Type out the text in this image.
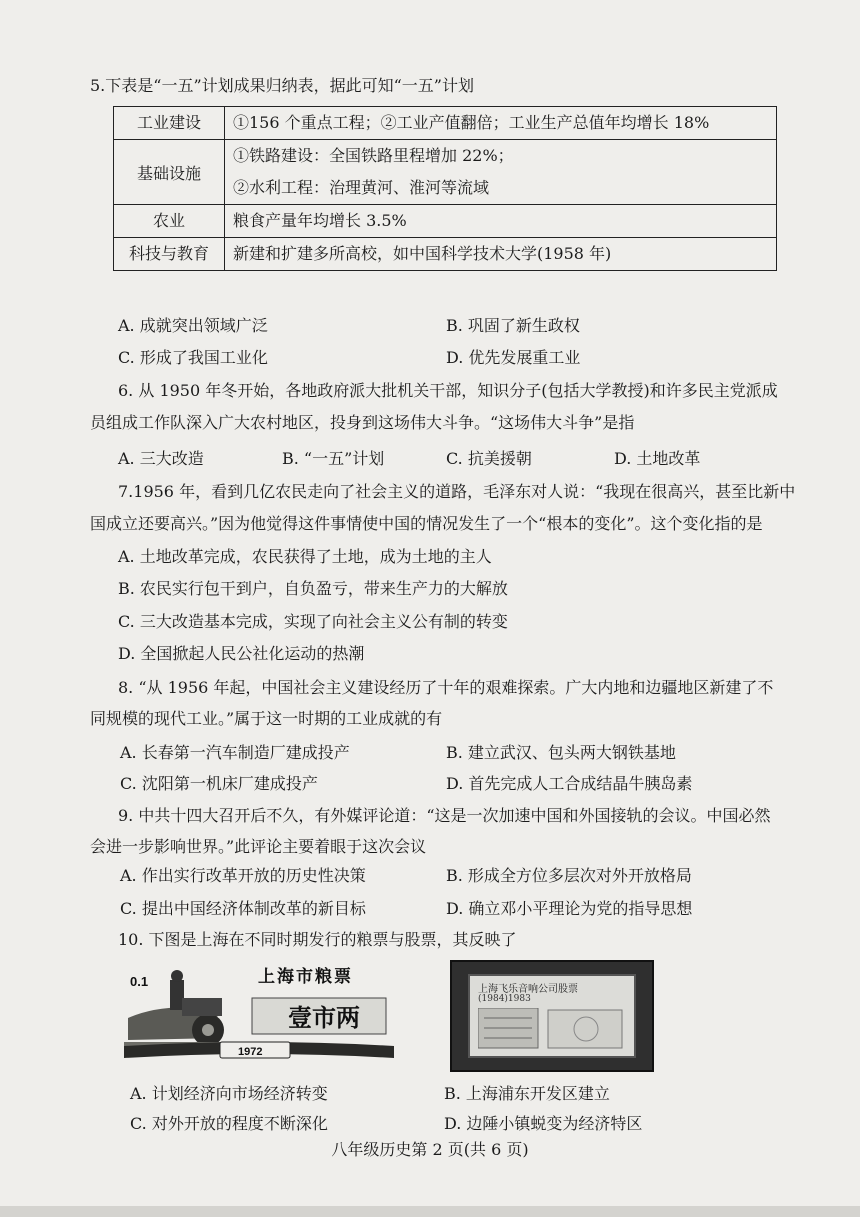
5.下表是“一五”计划成果归纳表，据此可知“一五”计划
工业建设	①156 个重点工程；②工业产值翻倍；工业生产总值年均增长 18%
基础设施	①铁路建设：全国铁路里程增加 22%；
②水利工程：治理黄河、淮河等流域

农业	粮食产量年均增长 3.5%
科技与教育	新建和扩建多所高校，如中国科学技术大学(1958 年)
A. 成就突出领域广泛	B. 巩固了新生政权
C. 形成了我国工业化	D. 优先发展重工业
6. 从 1950 年冬开始，各地政府派大批机关干部，知识分子(包括大学教授)和许多民主党派成
员组成工作队深入广大农村地区，投身到这场伟大斗争。“这场伟大斗争”是指
A. 三大改造	B. “一五”计划	C. 抗美援朝	D. 土地改革
7.1956 年，看到几亿农民走向了社会主义的道路，毛泽东对人说：“我现在很高兴，甚至比新中
国成立还要高兴。”因为他觉得这件事情使中国的情况发生了一个“根本的变化”。这个变化指的是
A. 土地改革完成，农民获得了土地，成为土地的主人
B. 农民实行包干到户，自负盈亏，带来生产力的大解放
C. 三大改造基本完成，实现了向社会主义公有制的转变
D. 全国掀起人民公社化运动的热潮
8. “从 1956 年起，中国社会主义建设经历了十年的艰难探索。广大内地和边疆地区新建了不
同规模的现代工业。”属于这一时期的工业成就的有
A. 长春第一汽车制造厂建成投产	B. 建立武汉、包头两大钢铁基地
C. 沈阳第一机床厂建成投产	D. 首先完成人工合成结晶牛胰岛素
9. 中共十四大召开后不久，有外媒评论道：“这是一次加速中国和外国接轨的会议。中国必然
会进一步影响世界。”此评论主要着眼于这次会议
A. 作出实行改革开放的历史性决策	B. 形成全方位多层次对外开放格局
C. 提出中国经济体制改革的新目标	D. 确立邓小平理论为党的指导思想
10. 下图是上海在不同时期发行的粮票与股票，其反映了
0.1	上海市粮票
壹市两
1972
上海飞乐音响公司股票
(1984)1983
A. 计划经济向市场经济转变	B. 上海浦东开发区建立
C. 对外开放的程度不断深化	D. 边陲小镇蜕变为经济特区
八年级历史第 2 页(共 6 页)
